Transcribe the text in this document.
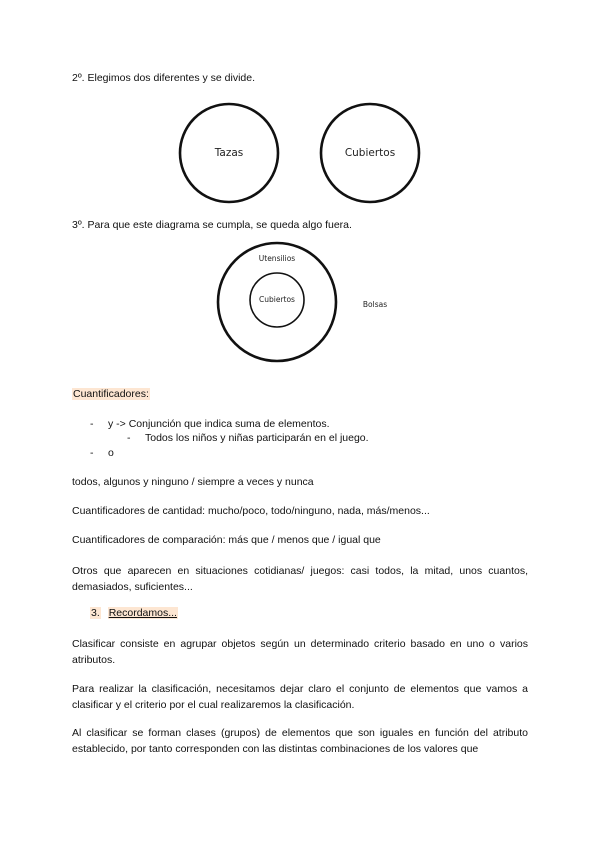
2º. Elegimos dos diferentes y se divide.
Tazas	Cubiertos
Utensilios
Cubiertos
Bolsas
3º. Para que este diagrama se cumpla, se queda algo fuera.
Cuantificadores:
- y -> Conjunción que indica suma de elementos.
- Todos los niños y niñas participarán en el juego.
- o
todos, algunos y ninguno / siempre a veces y nunca
Cuantificadores de cantidad: mucho/poco, todo/ninguno, nada, más/menos...
Cuantificadores de comparación: más que / menos que / igual que
Otros que aparecen en situaciones cotidianas/ juegos: casi todos, la mitad, unos cuantos, demasiados, suficientes...
3. Recordamos...
Clasificar consiste en agrupar objetos según un determinado criterio basado en uno o varios atributos.
Para realizar la clasificación, necesitamos dejar claro el conjunto de elementos que vamos a clasificar y el criterio por el cual realizaremos la clasificación.
Al clasificar se forman clases (grupos) de elementos que son iguales en función del atributo establecido, por tanto corresponden con las distintas combinaciones de los valores que
